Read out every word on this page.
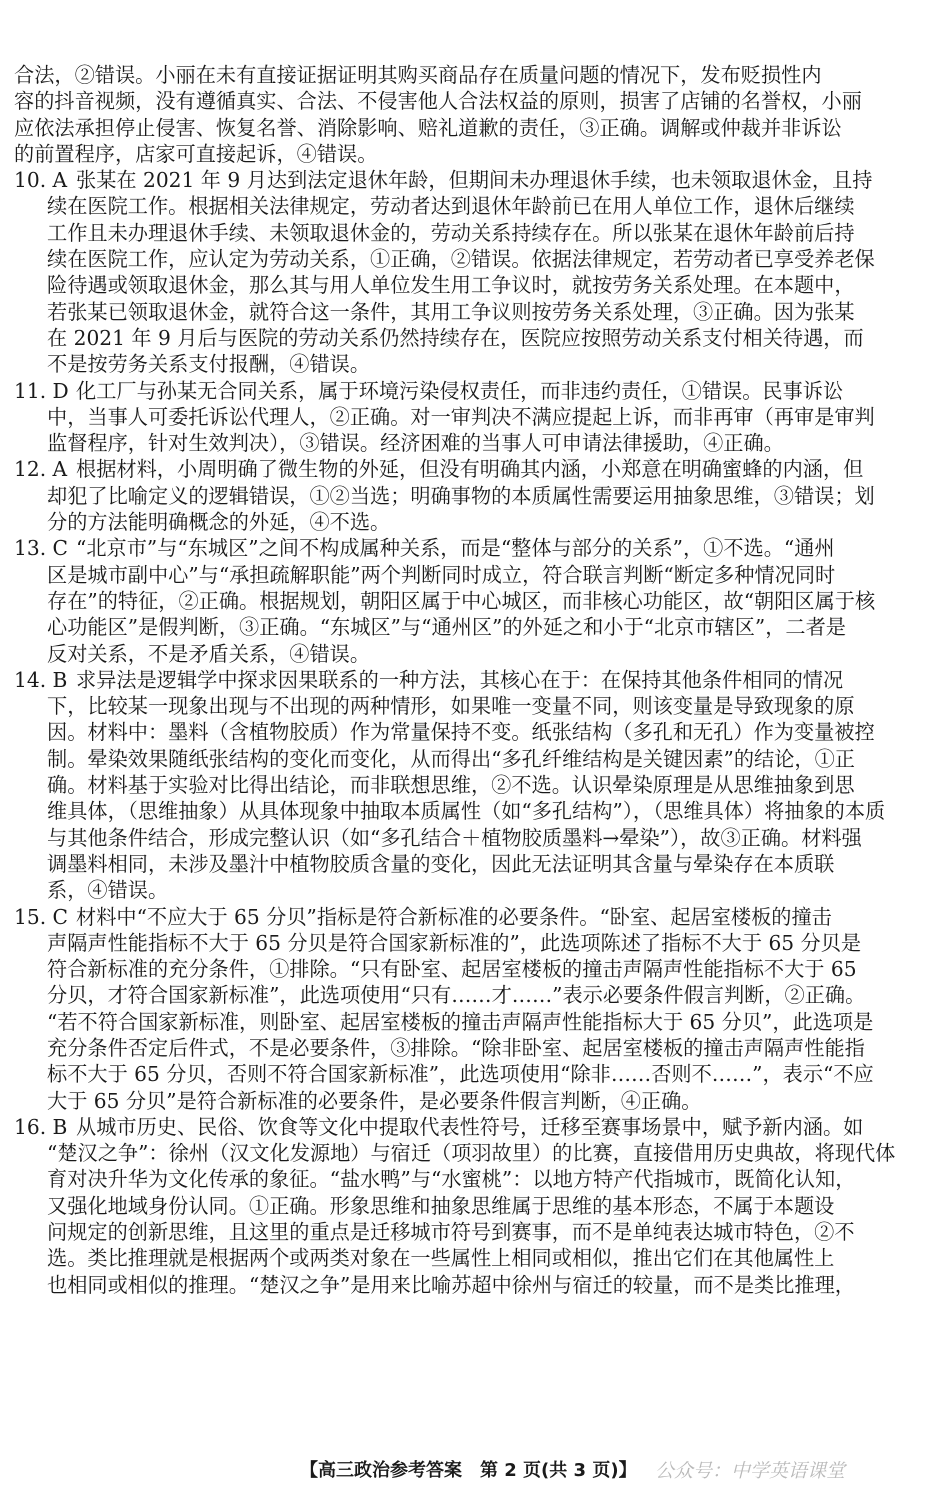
合法，②错误。小丽在未有直接证据证明其购买商品存在质量问题的情况下，发布贬损性内
容的抖音视频，没有遵循真实、合法、不侵害他人合法权益的原则，损害了店铺的名誉权，小丽
应依法承担停止侵害、恢复名誉、消除影响、赔礼道歉的责任，③正确。调解或仲裁并非诉讼
的前置程序，店家可直接起诉，④错误。
10. A 张某在 2021 年 9 月达到法定退休年龄，但期间未办理退休手续，也未领取退休金，且持
续在医院工作。根据相关法律规定，劳动者达到退休年龄前已在用人单位工作，退休后继续
工作且未办理退休手续、未领取退休金的，劳动关系持续存在。所以张某在退休年龄前后持
续在医院工作，应认定为劳动关系，①正确，②错误。依据法律规定，若劳动者已享受养老保
险待遇或领取退休金，那么其与用人单位发生用工争议时，就按劳务关系处理。在本题中，
若张某已领取退休金，就符合这一条件，其用工争议则按劳务关系处理，③正确。因为张某
在 2021 年 9 月后与医院的劳动关系仍然持续存在，医院应按照劳动关系支付相关待遇，而
不是按劳务关系支付报酬，④错误。
11. D 化工厂与孙某无合同关系，属于环境污染侵权责任，而非违约责任，①错误。民事诉讼
中，当事人可委托诉讼代理人，②正确。对一审判决不满应提起上诉，而非再审（再审是审判
监督程序，针对生效判决），③错误。经济困难的当事人可申请法律援助，④正确。
12. A 根据材料，小周明确了微生物的外延，但没有明确其内涵，小郑意在明确蜜蜂的内涵，但
却犯了比喻定义的逻辑错误，①②当选；明确事物的本质属性需要运用抽象思维，③错误；划
分的方法能明确概念的外延，④不选。
13. C “北京市”与“东城区”之间不构成属种关系，而是“整体与部分的关系”，①不选。“通州
区是城市副中心”与“承担疏解职能”两个判断同时成立，符合联言判断“断定多种情况同时
存在”的特征，②正确。根据规划，朝阳区属于中心城区，而非核心功能区，故“朝阳区属于核
心功能区”是假判断，③正确。“东城区”与“通州区”的外延之和小于“北京市辖区”，二者是
反对关系，不是矛盾关系，④错误。
14. B 求异法是逻辑学中探求因果联系的一种方法，其核心在于：在保持其他条件相同的情况
下，比较某一现象出现与不出现的两种情形，如果唯一变量不同，则该变量是导致现象的原
因。材料中：墨料（含植物胶质）作为常量保持不变。纸张结构（多孔和无孔）作为变量被控
制。晕染效果随纸张结构的变化而变化，从而得出“多孔纤维结构是关键因素”的结论，①正
确。材料基于实验对比得出结论，而非联想思维，②不选。认识晕染原理是从思维抽象到思
维具体，（思维抽象）从具体现象中抽取本质属性（如“多孔结构”），（思维具体）将抽象的本质
与其他条件结合，形成完整认识（如“多孔结合＋植物胶质墨料→晕染”），故③正确。材料强
调墨料相同，未涉及墨汁中植物胶质含量的变化，因此无法证明其含量与晕染存在本质联
系，④错误。
15. C 材料中“不应大于 65 分贝”指标是符合新标准的必要条件。“卧室、起居室楼板的撞击
声隔声性能指标不大于 65 分贝是符合国家新标准的”，此选项陈述了指标不大于 65 分贝是
符合新标准的充分条件，①排除。“只有卧室、起居室楼板的撞击声隔声性能指标不大于 65
分贝，才符合国家新标准”，此选项使用“只有……才……”表示必要条件假言判断，②正确。
“若不符合国家新标准，则卧室、起居室楼板的撞击声隔声性能指标大于 65 分贝”，此选项是
充分条件否定后件式，不是必要条件，③排除。“除非卧室、起居室楼板的撞击声隔声性能指
标不大于 65 分贝，否则不符合国家新标准”，此选项使用“除非……否则不……”，表示“不应
大于 65 分贝”是符合新标准的必要条件，是必要条件假言判断，④正确。
16. B 从城市历史、民俗、饮食等文化中提取代表性符号，迁移至赛事场景中，赋予新内涵。如
“楚汉之争”：徐州（汉文化发源地）与宿迁（项羽故里）的比赛，直接借用历史典故，将现代体
育对决升华为文化传承的象征。“盐水鸭”与“水蜜桃”：以地方特产代指城市，既简化认知，
又强化地域身份认同。①正确。形象思维和抽象思维属于思维的基本形态，不属于本题设
问规定的创新思维，且这里的重点是迁移城市符号到赛事，而不是单纯表达城市特色，②不
选。类比推理就是根据两个或两类对象在一些属性上相同或相似，推出它们在其他属性上
也相同或相似的推理。“楚汉之争”是用来比喻苏超中徐州与宿迁的较量，而不是类比推理，
【高三政治参考答案　第 2 页(共 3 页)】 公众号：中学英语课堂
